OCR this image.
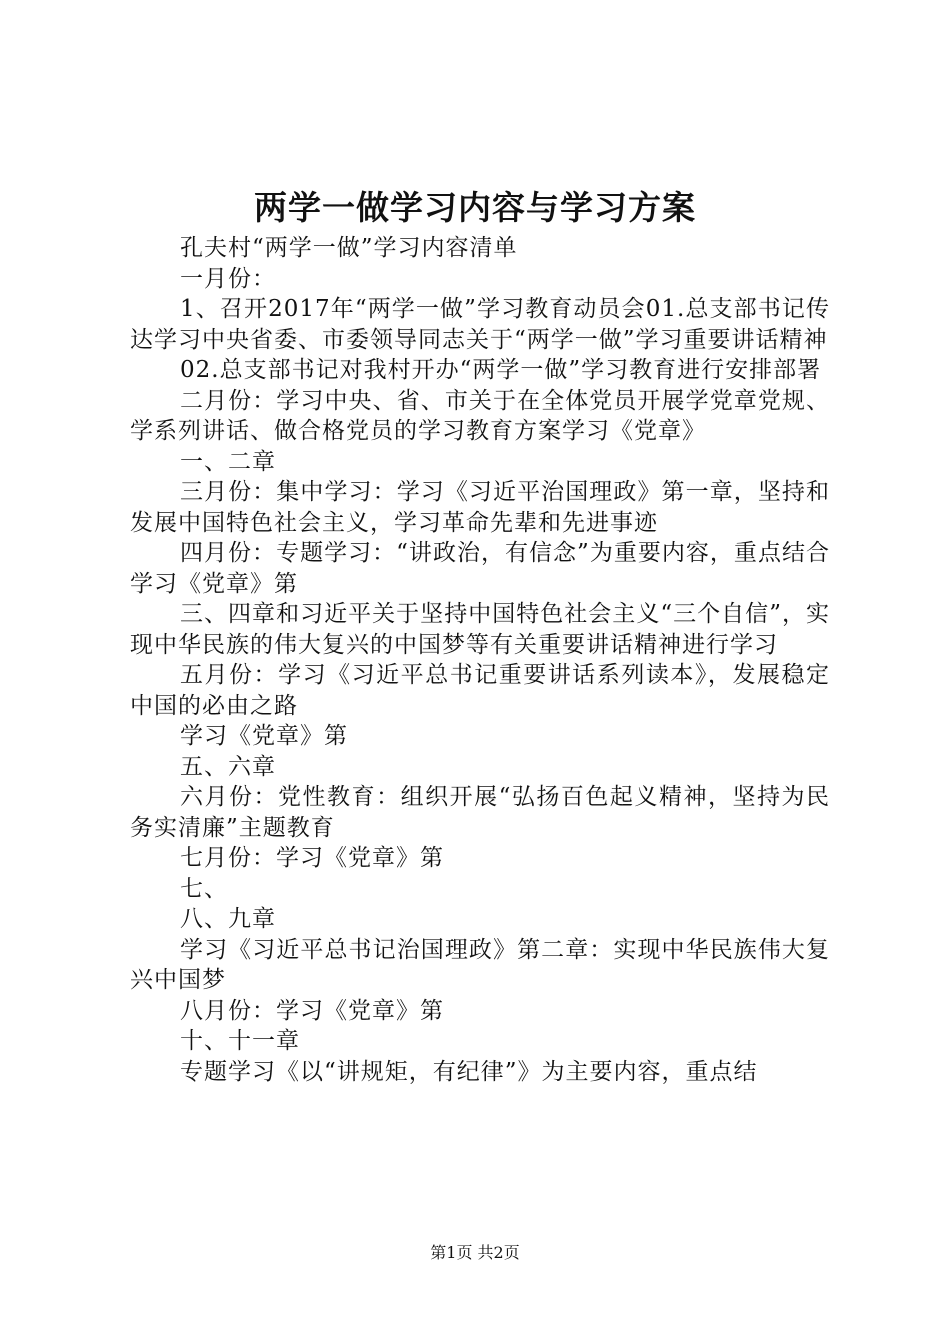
两学一做学习内容与学习方案

孔夫村“两学一做”学习内容清单

一月份：

1、召开2017年“两学一做”学习教育动员会01.总支部书记传达学习中央省委、市委领导同志关于“两学一做”学习重要讲话精神

02.总支部书记对我村开办“两学一做”学习教育进行安排部署

二月份：学习中央、省、市关于在全体党员开展学党章党规、学系列讲话、做合格党员的学习教育方案学习《党章》

一、二章

三月份：集中学习：学习《习近平治国理政》第一章，坚持和发展中国特色社会主义，学习革命先辈和先进事迹

四月份：专题学习：“讲政治，有信念”为重要内容，重点结合学习《党章》第

三、四章和习近平关于坚持中国特色社会主义“三个自信”，实现中华民族的伟大复兴的中国梦等有关重要讲话精神进行学习

五月份：学习《习近平总书记重要讲话系列读本》，发展稳定中国的必由之路

学习《党章》第

五、六章

六月份：党性教育：组织开展“弘扬百色起义精神，坚持为民务实清廉”主题教育

七月份：学习《党章》第

七、

八、九章

学习《习近平总书记治国理政》第二章：实现中华民族伟大复兴中国梦

八月份：学习《党章》第

十、十一章

专题学习《以“讲规矩，有纪律”》为主要内容，重点结

第1页 共2页
